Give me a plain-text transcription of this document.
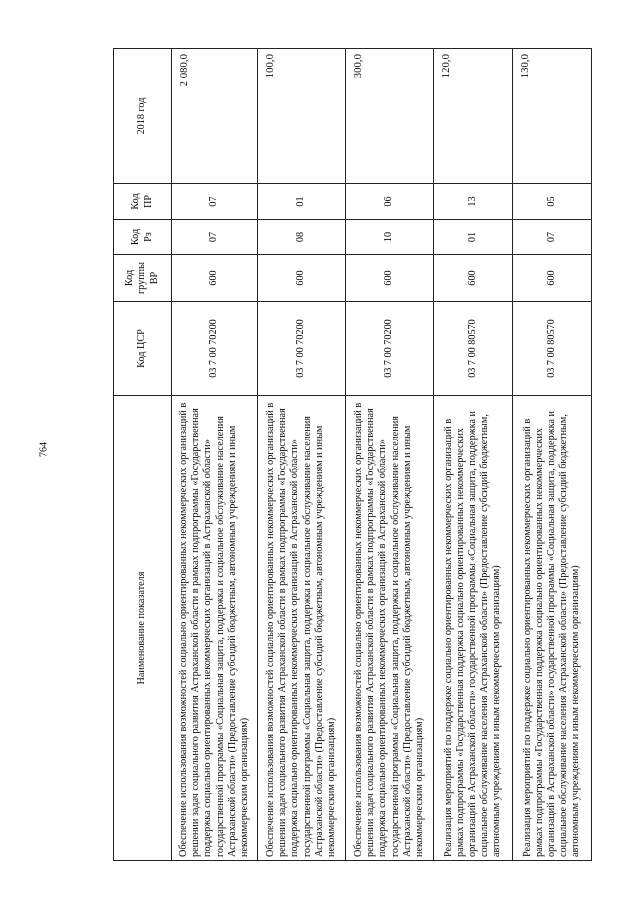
764
Наименование показателя	Код ЦСР	Код группы ВР	Код Рз	Код ПР	2018 год
Обеспечение использования возможностей социально ориентированных некоммерческих организаций в решении задач социального развития Астраханской области в рамках подпрограммы «Государственная поддержка социально ориентированных некоммерческих организаций в Астраханской области» государственной программы «Социальная защита, поддержка и социальное обслуживание населения Астраханской области» (Предоставление субсидий бюджетным, автономным учреждениям и иным некоммерческим организациям)	03 7 00 70200	600	07	07	2 080,0
Обеспечение использования возможностей социально ориентированных некоммерческих организаций в решении задач социального развития Астраханской области в рамках подпрограммы «Государственная поддержка социально ориентированных некоммерческих организаций в Астраханской области» государственной программы «Социальная защита, поддержка и социальное обслуживание населения Астраханской области» (Предоставление субсидий бюджетным, автономным учреждениям и иным некоммерческим организациям)	03 7 00 70200	600	08	01	100,0
Обеспечение использования возможностей социально ориентированных некоммерческих организаций в решении задач социального развития Астраханской области в рамках подпрограммы «Государственная поддержка социально ориентированных некоммерческих организаций в Астраханской области» государственной программы «Социальная защита, поддержка и социальное обслуживание населения Астраханской области» (Предоставление субсидий бюджетным, автономным учреждениям и иным некоммерческим организациям)	03 7 00 70200	600	10	06	300,0
Реализация мероприятий по поддержке социально ориентированных некоммерческих организаций в рамках подпрограммы «Государственная поддержка социально ориентированных некоммерческих организаций в Астраханской области» государственной программы «Социальная защита, поддержка и социальное обслуживание населения Астраханской области» (Предоставление субсидий бюджетным, автономным учреждениям и иным некоммерческим организациям)	03 7 00 80570	600	01	13	120,0
Реализация мероприятий по поддержке социально ориентированных некоммерческих организаций в рамках подпрограммы «Государственная поддержка социально ориентированных некоммерческих организаций в Астраханской области» государственной программы «Социальная защита, поддержка и социальное обслуживание населения Астраханской области» (Предоставление субсидий бюджетным, автономным учреждениям и иным некоммерческим организациям)	03 7 00 80570	600	07	05	130,0
